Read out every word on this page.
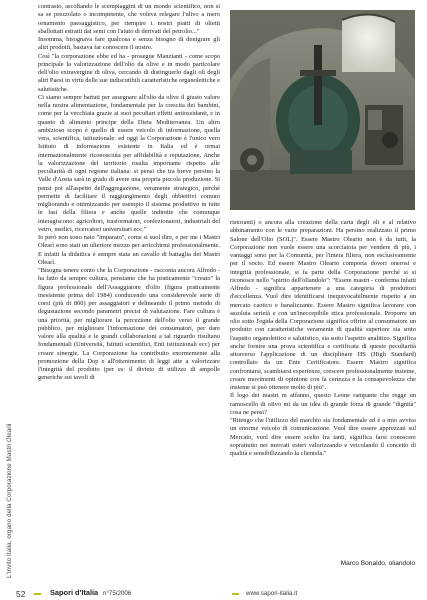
L'Invito Italia, organo della Corporazione Mastri Olearii

contrasto, ascoltando le scempiaggini di un mondo scientifico, non si sa se prezzolato o incompetente, che voleva relegare l'ulivo a mero ornamento paesaggistico, per riempire i nostri piatti di olietti sballottati estratti dai semi con l'aiuto di derivati del petrolio..."

Insomma, bisognava fare qualcosa e senza bisogno di denigrare gli altri prodotti, bastava far conoscere il nostro.

Così "la corporazione ebbe ed ha - prosegue Manzianti - come scopo principale la valorizzazione dell'olio da olive e in modo particolare dell'olio extravergine di oliva, cercando di distinguerlo dagli oli degli altri Paesi in virtù delle sue indiscutibili caratteristiche organolettiche e salutistiche.

Ci siamo sempre battuti per assegnare all'olio da olive il giusto valore nella nostra alimentazione, fondamentale per la crescita dei bambini, come per la vecchiaia grazie ai suoi peculiari effetti antiossidanti, e in quanto di alimento principe della Dieta Mediterranea. Un altro ambizioso scopo è quello di essere veicolo di informazione, quella vera, scientifica, istituzionale: ed oggi la Corporazione è l'unico vero Istituto di informazione esistente in Italia ed è ormai internazionalmente riconosciuta per affidabilità e reputazione. Anche la valorizzazione del territorio risulta importante rispetto alle peculiarità di ogni regione italiana: si pensi che tra breve persino la Valle d'Aosta sarà in grado di avere una propria piccola produzione. Si pensi poi all'aspetto dell'aggregazione, veramente strategico, perché permette di facilitare il raggiungimento degli obbiettivi comuni migliorando e ottimizzando per esempio il sistema produttivo in tutte le fasi della filiera e anche quelle indirette che comunque interagiscono: agricoltori, trasformatori, confezionatori, industriali del vetro, medici, ricercatori universitari ecc."

Io però non sono nato "imparato", come si suol dire, e per me i Mastri Olearì sono stati un ulteriore mezzo per arricchirmi professionalmente. E infatti la didattica è sempre stata un cavallo di battaglia dei Mastri Olearì.

"Bisogna tenere conto che la Corporazione - racconta ancora Alfredo - ha fatto da sempre cultura, pensiamo che ha praticamente "creato" la figura professionale dell'Assaggiatore d'olio (figura praticamente inesistente prima del 1984) conducendo una considerevole serie di corsi (più di 800) per assaggiatori e delineando il primo metodo di degustazione secondo parametri precisi di valutazione. Fare cultura è una priorità, per migliorare la percezione dell'olio verso il grande pubblico, per migliorare l'informazione dei consumatori, per dare valore alla qualità e le grandi collaborazioni a tal riguardo risultano fondamentali (Università, Istituti scientifici, Enti istituzionali ecc) per creare sinergie. La Corporazione ha contribuito enormemente alla promozione della Dop e all'ottenimento di leggi atte a valorizzare l'integrità del prodotto (per es: il divieto di utilizzo di ampolle generiche sui tavoli di

ristoranti) o ancora alla creazione della carta degli oli e al relativo abbinamento con le varie preparazioni. Ha persino realizzato il primo Salone dell'Olio (SOL)". Essere Mastro Oleario non è da tutti, la Corporazione non vuole essere una scorciatoia per vendere di più, i vantaggi sono per la Comunità, per l'intera filiera, non esclusivamente per il socio. Ed essere Mastro Oleario comporta doveri onerosi e integrità professionale, si fa parte della Corporazione perché si si riconosce nello "spirito dell'oliandolo": "Essere mastri - conferma infatti Alfredo - significa appartenere a una categoria di produttori d'eccellenza. Vuol dire identificarsi inequivocabilmente rispetto a un mercato caotico e banalizzante. Essere Mastro significa lavorare con assoluta serietà e con un'ineccepibile etica professionale. Proporre un olio sotto l'egida della Corporazione significa offrire al consumatore un prodotto con caratteristiche veramente di qualità superiore sia sotto l'aspetto organolettico e salutistico, sia sotto l'aspetto analitico. Significa anche fornire una prova scientifica e certificata di queste peculiarità attraverso l'applicazione di un disciplinare HS (High Standard) controllato da un Ente Certificatore. Essere Mastro significa confrontarsi, scambiarsi esperienze, crescere professionalmente insieme, creare movimenti di opinione con la certezza e la consapevolezza che insieme si può ottenere molto di più".

Il logo dei mastri m affanno, questo Leone rampante che regge un ramoscello di olivo mi da un idea di grande forza di grande "dignità" cosa ne pensi?

"Ritengo che l'utilizzo del marchio sia fondamentale ed è a mio avviso un enorme veicolo di comunicazione. Vuol dire essere apprezzati sul Mercato, vuol dire essere scelto fra tanti, significa farsi conoscere soprattutto nei mercati esteri valorizzando e veicolando il concetto di qualità e sensibilizzando la clientela."

Marco Bonaldo, oliandolo
52	Sapori d'Italia n°75/2006	www.sapori-italia.it
